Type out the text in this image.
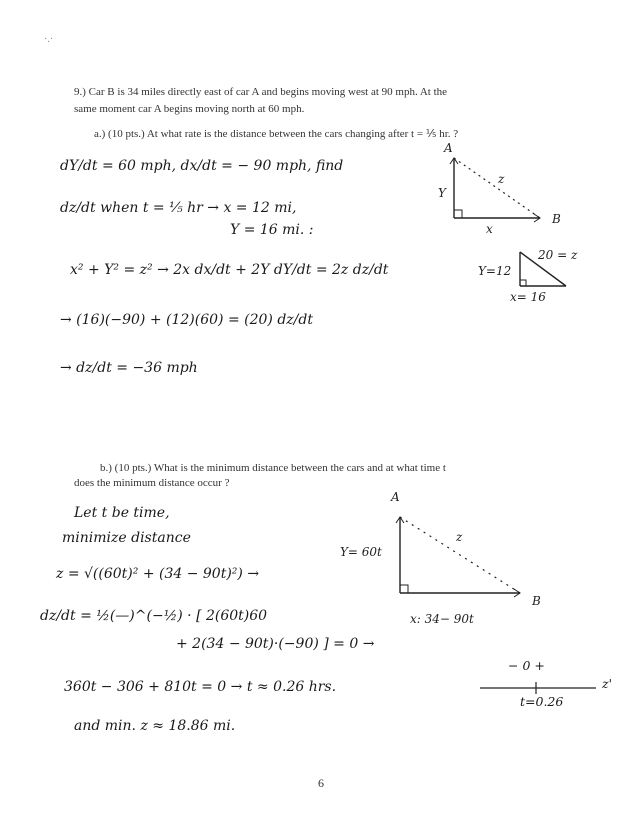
·.·
9.) Car B is 34 miles directly east of car A and begins moving west at 90 mph. At the
same moment car A begins moving north at 60 mph.
a.) (10 pts.) At what rate is the distance between the cars changing after t = ⅕ hr. ?
dY/dt = 60 mph, dx/dt = − 90 mph, find
dz/dt when t = ⅕ hr → x = 12 mi,
Y = 16 mi. :
x² + Y² = z² → 2x dx/dt + 2Y dY/dt = 2z dz/dt
→ (16)(−90) + (12)(60) = (20) dz/dt
→ dz/dt = −36 mph
A
Y
z
x
B
20 = z
Y=12
x= 16
b.) (10 pts.) What is the minimum distance between the cars and at what time t
does the minimum distance occur ?
Let t be time,
minimize distance
z = √((60t)² + (34 − 90t)²) →
dz/dt = ½(—)^(−½) · [ 2(60t)60
+ 2(34 − 90t)·(−90) ] = 0 →
360t − 306 + 810t = 0 → t ≈ 0.26 hrs.
and min. z ≈ 18.86 mi.
A
Y= 60t
z
x: 34− 90t
B
− 0 +
z'
t=0.26
6
